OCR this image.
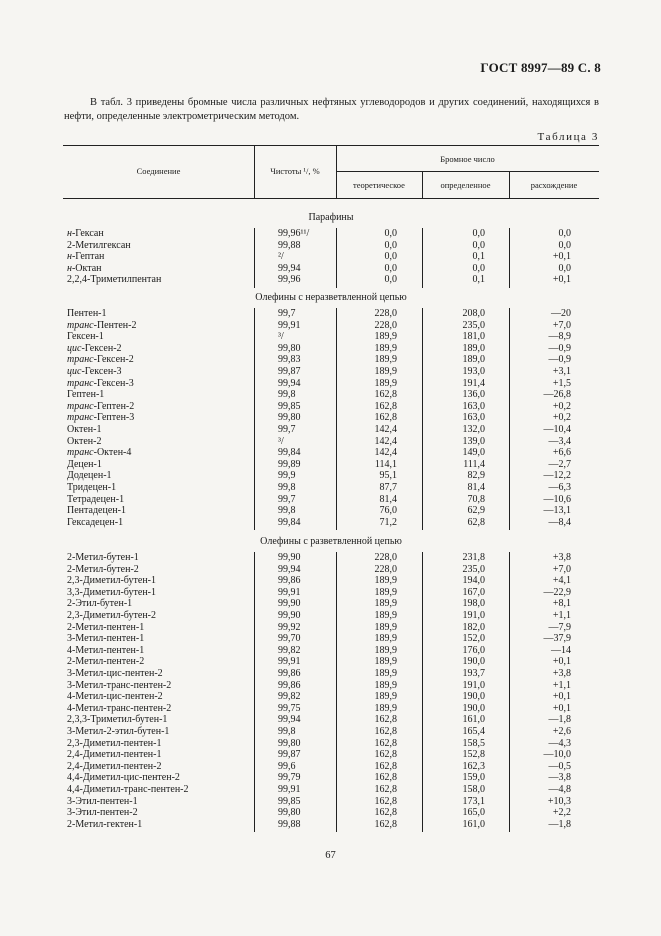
ГОСТ 8997—89 С. 8

В табл. 3 приведены бромные числа различных нефтяных углеводородов и других соединений, находящихся в нефти, определенные электрометрическим методом.

Таблица 3
Соединение	Чистоты ¹/, %
Бромное число
теоретическое	определенное	расхождение
Парафины
н-Гексан	99,96¹¹/	0,0	0,0	0,0
2-Метилгексан	99,88	0,0	0,0	0,0
н-Гептан	²/	0,0	0,1	+0,1
н-Октан	99,94	0,0	0,0	0,0
2,2,4-Триметилпентан	99,96	0,0	0,1	+0,1
Олефины с неразветвленной цепью
Пентен-1	99,7	228,0	208,0	—20
транс-Пентен-2	99,91	228,0	235,0	+7,0
Гексен-1	³/	189,9	181,0	—8,9
цис-Гексен-2	99,80	189,9	189,0	—0,9
транс-Гексен-2	99,83	189,9	189,0	—0,9
цис-Гексен-3	99,87	189,9	193,0	+3,1
транс-Гексен-3	99,94	189,9	191,4	+1,5
Гептен-1	99,8	162,8	136,0	—26,8
транс-Гептен-2	99,85	162,8	163,0	+0,2
транс-Гептен-3	99,80	162,8	163,0	+0,2
Октен-1	99,7	142,4	132,0	—10,4
Октен-2	³/	142,4	139,0	—3,4
транс-Октен-4	99,84	142,4	149,0	+6,6
Децен-1	99,89	114,1	111,4	—2,7
Додецен-1	99,9	95,1	82,9	—12,2
Тридецен-1	99,8	87,7	81,4	—6,3
Тетрадецен-1	99,7	81,4	70,8	—10,6
Пентадецен-1	99,8	76,0	62,9	—13,1
Гексадецен-1	99,84	71,2	62,8	—8,4
Олефины с разветвленной цепью
2-Метил-бутен-1	99,90	228,0	231,8	+3,8
2-Метил-бутен-2	99,94	228,0	235,0	+7,0
2,3-Диметил-бутен-1	99,86	189,9	194,0	+4,1
3,3-Диметил-бутен-1	99,91	189,9	167,0	—22,9
2-Этил-бутен-1	99,90	189,9	198,0	+8,1
2,3-Диметил-бутен-2	99,90	189,9	191,0	+1,1
2-Метил-пентен-1	99,92	189,9	182,0	—7,9
3-Метил-пентен-1	99,70	189,9	152,0	—37,9
4-Метил-пентен-1	99,82	189,9	176,0	—14
2-Метил-пентен-2	99,91	189,9	190,0	+0,1
3-Метил-цис-пентен-2	99,86	189,9	193,7	+3,8
3-Метил-транс-пентен-2	99,86	189,9	191,0	+1,1
4-Метил-цис-пентен-2	99,82	189,9	190,0	+0,1
4-Метил-транс-пентен-2	99,75	189,9	190,0	+0,1
2,3,3-Триметил-бутен-1	99,94	162,8	161,0	—1,8
3-Метил-2-этил-бутен-1	99,8	162,8	165,4	+2,6
2,3-Диметил-пентен-1	99,80	162,8	158,5	—4,3
2,4-Диметил-пентен-1	99,87	162,8	152,8	—10,0
2,4-Диметил-пентен-2	99,6	162,8	162,3	—0,5
4,4-Диметил-цис-пентен-2	99,79	162,8	159,0	—3,8
4,4-Диметил-транс-пентен-2	99,91	162,8	158,0	—4,8
3-Этил-пентен-1	99,85	162,8	173,1	+10,3
3-Этил-пентен-2	99,80	162,8	165,0	+2,2
2-Метил-гектен-1	99,88	162,8	161,0	—1,8
67
